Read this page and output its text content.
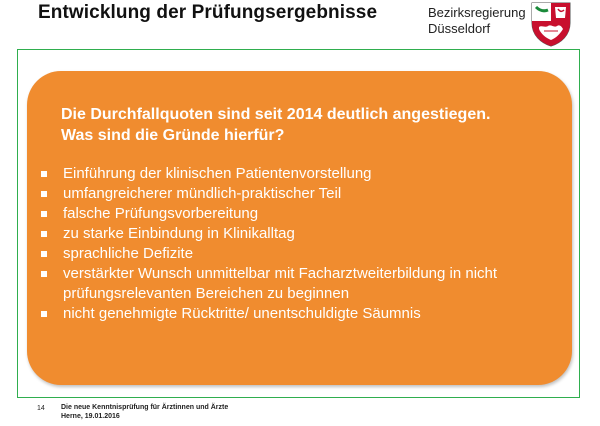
Entwicklung der Prüfungsergebnisse	Bezirksregierung
Düsseldorf
Die Durchfallquoten sind seit 2014 deutlich angestiegen.
Was sind die Gründe hierfür?
Einführung der klinischen Patientenvorstellung
umfangreicherer mündlich-praktischer Teil
falsche Prüfungsvorbereitung
zu starke Einbindung in Klinikalltag
sprachliche Defizite
verstärkter Wunsch unmittelbar mit Facharztweiterbildung in nicht prüfungsrelevanten Bereichen zu beginnen
nicht genehmigte Rücktritte/ unentschuldigte Säumnis
14 Die neue Kenntnisprüfung für Ärztinnen und Ärzte
Herne, 19.01.2016
